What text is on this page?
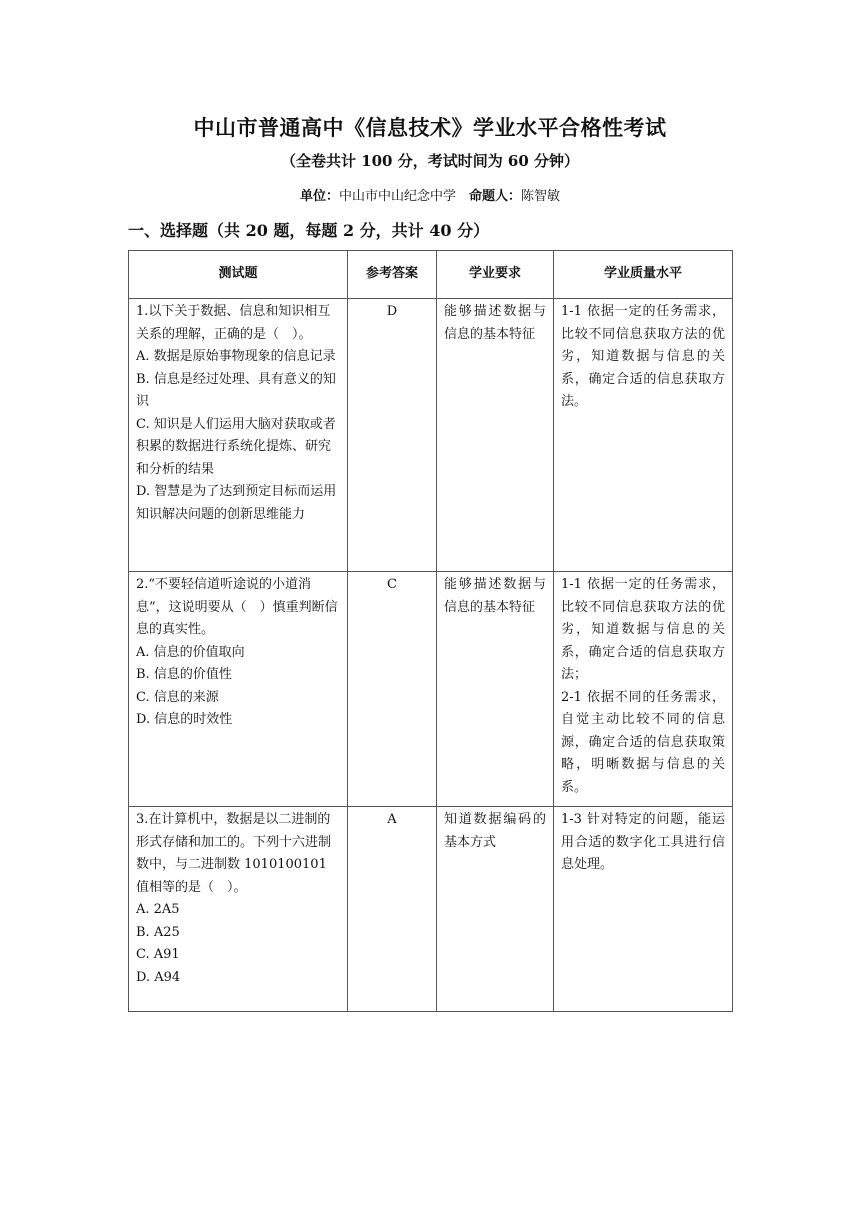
中山市普通高中《信息技术》学业水平合格性考试
（全卷共计 100 分，考试时间为 60 分钟）
单位：中山市中山纪念中学　 命题人：陈智敏
一、选择题（共 20 题，每题 2 分，共计 40 分）
测试题	参考答案	学业要求	学业质量水平

1.以下关于数据、信息和知识相互关系的理解，正确的是（　）。
A. 数据是原始事物现象的信息记录
B. 信息是经过处理、具有意义的知识
C. 知识是人们运用大脑对获取或者积累的数据进行系统化提炼、研究和分析的结果
D. 智慧是为了达到预定目标而运用知识解决问题的创新思维能力	D	能够描述数据与信息的基本特征	1-1 依据一定的任务需求，比较不同信息获取方法的优劣，知道数据与信息的关系，确定合适的信息获取方法。

2.“不要轻信道听途说的小道消息”，这说明要从（　）慎重判断信息的真实性。
A. 信息的价值取向
B. 信息的价值性
C. 信息的来源
D. 信息的时效性	C	能够描述数据与信息的基本特征	1-1 依据一定的任务需求，比较不同信息获取方法的优劣，知道数据与信息的关系，确定合适的信息获取方法；
2-1 依据不同的任务需求，自觉主动比较不同的信息源，确定合适的信息获取策略，明晰数据与信息的关系。

3.在计算机中，数据是以二进制的形式存储和加工的。下列十六进制数中，与二进制数 1010100101 值相等的是（　）。
A. 2A5
B. A25
C. A91
D. A94	A	知道数据编码的基本方式	1-3 针对特定的问题，能运用合适的数字化工具进行信息处理。
